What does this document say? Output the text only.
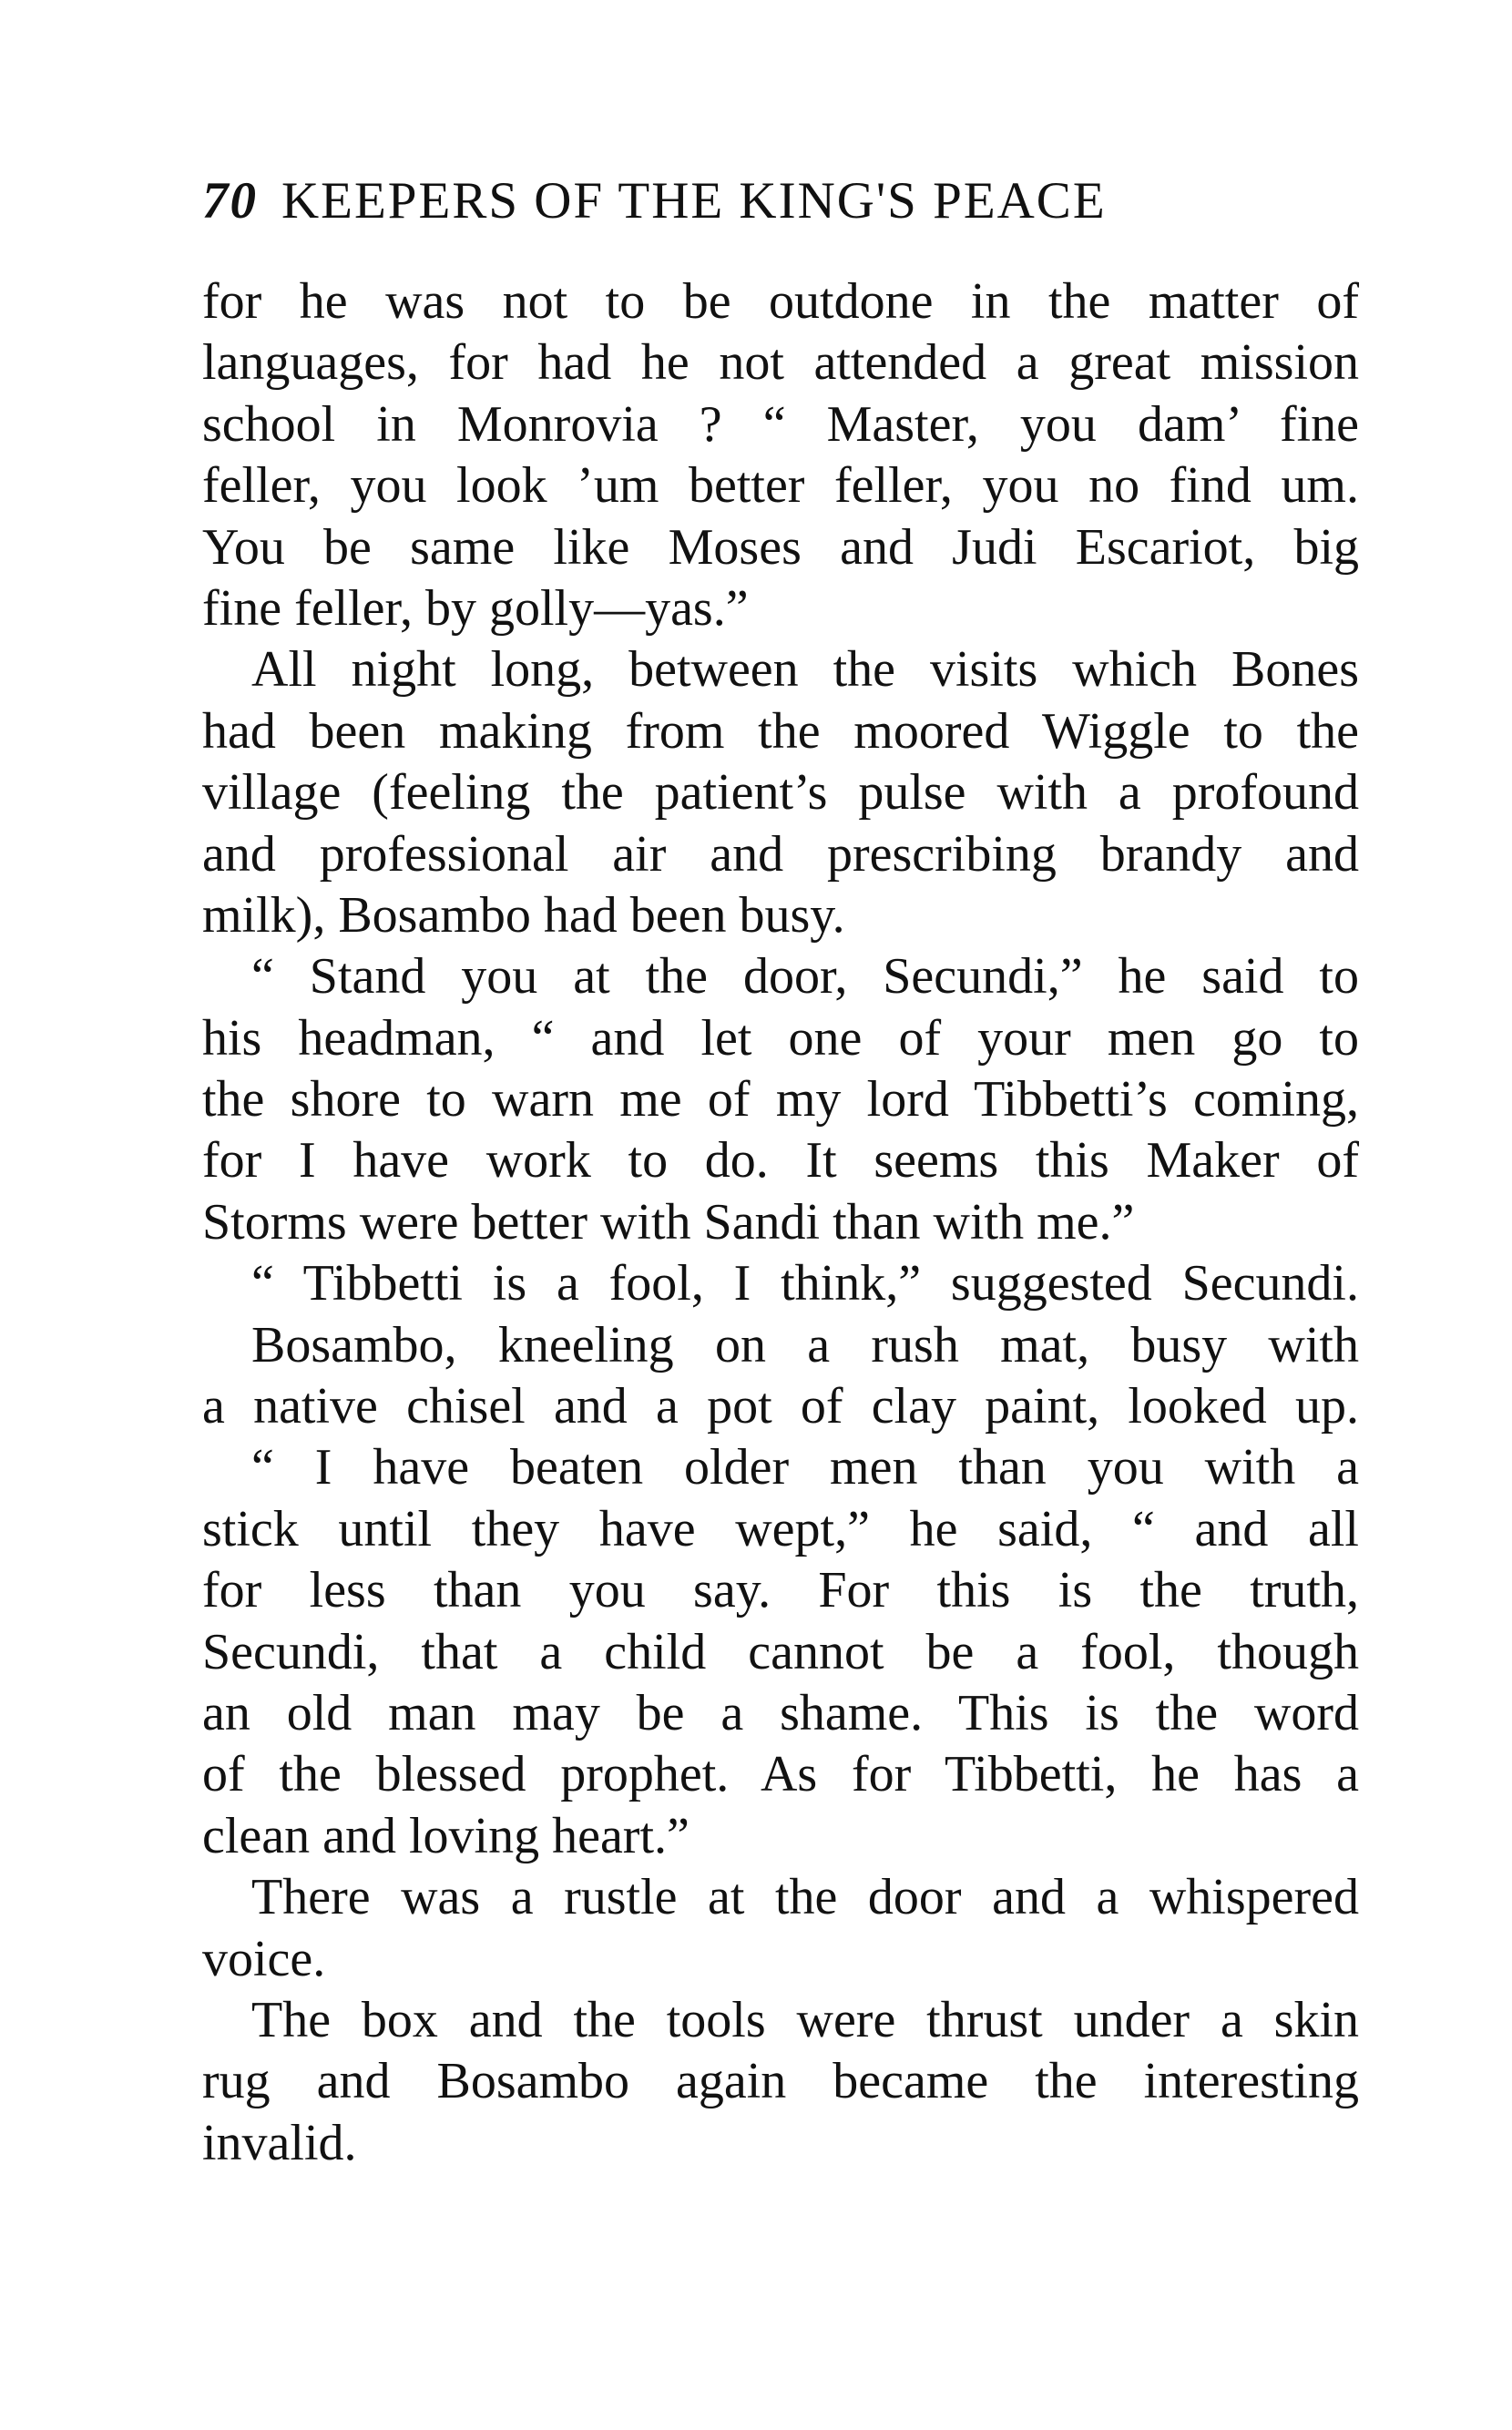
70 KEEPERS OF THE KING'S PEACE
for he was not to be outdone in the matter of
languages, for had he not attended a great mission
school in Monrovia ? “ Master, you dam’ fine
feller, you look ’um better feller, you no find um.
You be same like Moses and Judi Escariot, big
fine feller, by golly—yas.”
All night long, between the visits which Bones
had been making from the moored Wiggle to the
village (feeling the patient’s pulse with a profound
and professional air and prescribing brandy and
milk), Bosambo had been busy.
“ Stand you at the door, Secundi,” he said to
his headman, “ and let one of your men go to
the shore to warn me of my lord Tibbetti’s coming,
for I have work to do. It seems this Maker of
Storms were better with Sandi than with me.”
“ Tibbetti is a fool, I think,” suggested Secundi.
Bosambo, kneeling on a rush mat, busy with
a native chisel and a pot of clay paint, looked up.
“ I have beaten older men than you with a
stick until they have wept,” he said, “ and all
for less than you say. For this is the truth,
Secundi, that a child cannot be a fool, though
an old man may be a shame. This is the word
of the blessed prophet. As for Tibbetti, he has a
clean and loving heart.”
There was a rustle at the door and a whispered
voice.
The box and the tools were thrust under a skin
rug and Bosambo again became the interesting
invalid.
